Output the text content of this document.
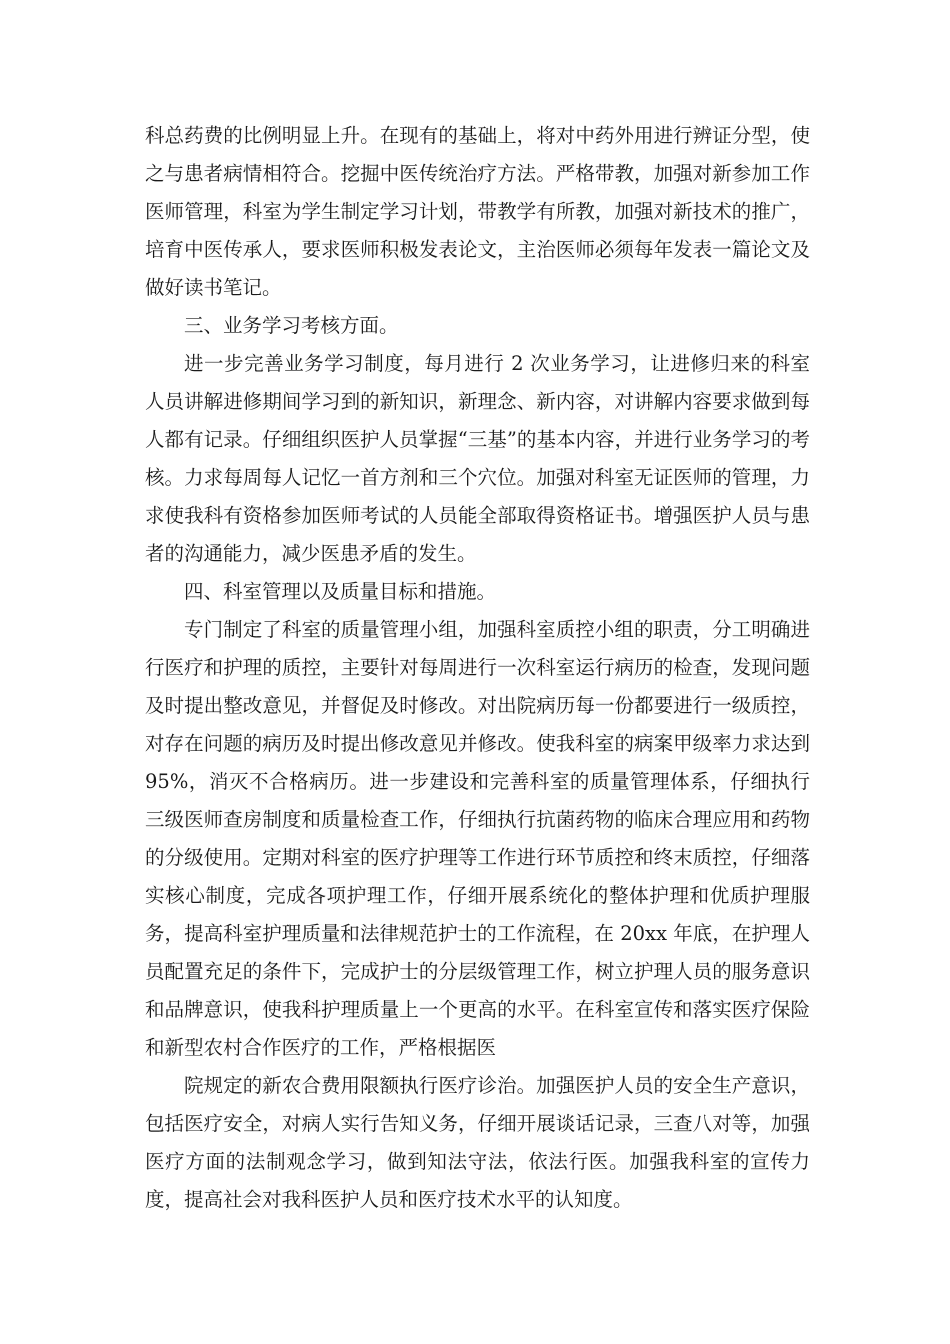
科总药费的比例明显上升。在现有的基础上，将对中药外用进行辨证分型，使之与患者病情相符合。挖掘中医传统治疗方法。严格带教，加强对新参加工作医师管理，科室为学生制定学习计划，带教学有所教，加强对新技术的推广，培育中医传承人，要求医师积极发表论文，主治医师必须每年发表一篇论文及做好读书笔记。

三、业务学习考核方面。

进一步完善业务学习制度，每月进行 2 次业务学习，让进修归来的科室人员讲解进修期间学习到的新知识，新理念、新内容，对讲解内容要求做到每人都有记录。仔细组织医护人员掌握“三基”的基本内容，并进行业务学习的考核。力求每周每人记忆一首方剂和三个穴位。加强对科室无证医师的管理，力求使我科有资格参加医师考试的人员能全部取得资格证书。增强医护人员与患者的沟通能力，减少医患矛盾的发生。

四、科室管理以及质量目标和措施。

专门制定了科室的质量管理小组，加强科室质控小组的职责，分工明确进行医疗和护理的质控，主要针对每周进行一次科室运行病历的检查，发现问题及时提出整改意见，并督促及时修改。对出院病历每一份都要进行一级质控，对存在问题的病历及时提出修改意见并修改。使我科室的病案甲级率力求达到 95%，消灭不合格病历。进一步建设和完善科室的质量管理体系，仔细执行三级医师查房制度和质量检查工作，仔细执行抗菌药物的临床合理应用和药物的分级使用。定期对科室的医疗护理等工作进行环节质控和终末质控，仔细落实核心制度，完成各项护理工作，仔细开展系统化的整体护理和优质护理服务，提高科室护理质量和法律规范护士的工作流程，在 20xx 年底，在护理人员配置充足的条件下，完成护士的分层级管理工作，树立护理人员的服务意识和品牌意识，使我科护理质量上一个更高的水平。在科室宣传和落实医疗保险和新型农村合作医疗的工作，严格根据医

院规定的新农合费用限额执行医疗诊治。加强医护人员的安全生产意识，包括医疗安全，对病人实行告知义务，仔细开展谈话记录，三查八对等，加强医疗方面的法制观念学习，做到知法守法，依法行医。加强我科室的宣传力度，提高社会对我科医护人员和医疗技术水平的认知度。
